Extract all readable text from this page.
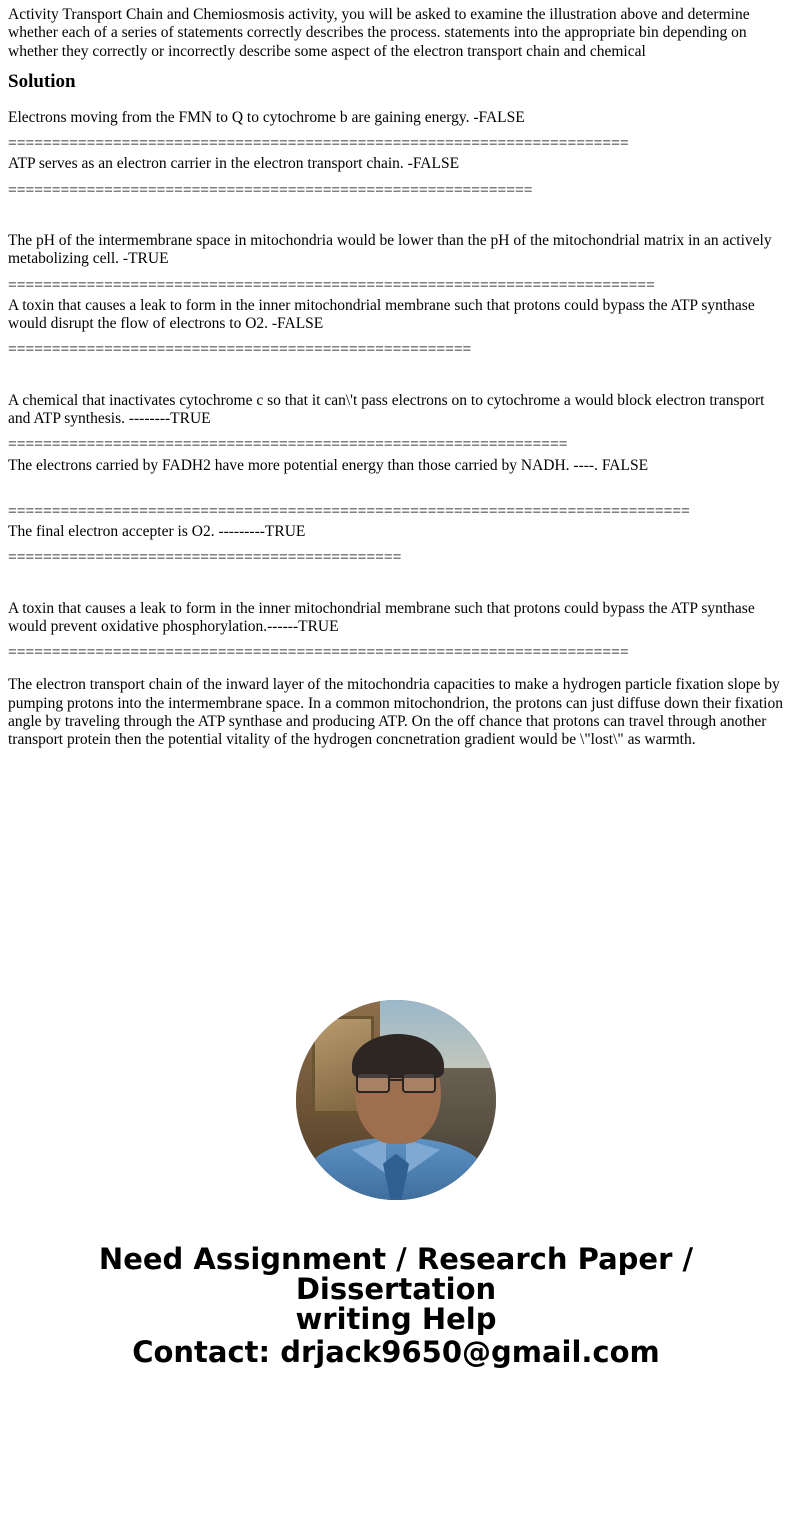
Activity Transport Chain and Chemiosmosis activity, you will be asked to examine the illustration above and determine whether each of a series of statements correctly describes the process. statements into the appropriate bin depending on whether they correctly or incorrectly describe some aspect of the electron transport chain and chemical

Solution

Electrons moving from the FMN to Q to cytochrome b are gaining energy. -FALSE

=======================================================================

ATP serves as an electron carrier in the electron transport chain. -FALSE

============================================================

The pH of the intermembrane space in mitochondria would be lower than the pH of the mitochondrial matrix in an actively metabolizing cell. -TRUE

==========================================================================

A toxin that causes a leak to form in the inner mitochondrial membrane such that protons could bypass the ATP synthase would disrupt the flow of electrons to O2. -FALSE

=====================================================

A chemical that inactivates cytochrome c so that it can\'t pass electrons on to cytochrome a would block electron transport and ATP synthesis. --------TRUE

================================================================

The electrons carried by FADH2 have more potential energy than those carried by NADH. ----. FALSE

==============================================================================

The final electron accepter is O2. ---------TRUE

=============================================

A toxin that causes a leak to form in the inner mitochondrial membrane such that protons could bypass the ATP synthase would prevent oxidative phosphorylation.------TRUE

=======================================================================

The electron transport chain of the inward layer of the mitochondria capacities to make a hydrogen particle fixation slope by pumping protons into the intermembrane space. In a common mitochondrion, the protons can just diffuse down their fixation angle by traveling through the ATP synthase and producing ATP. On the off chance that protons can travel through another transport protein then the potential vitality of the hydrogen concnetration gradient would be \"lost\" as warmth.

Need Assignment / Research Paper / Dissertation
writing Help
Contact: drjack9650@gmail.com
